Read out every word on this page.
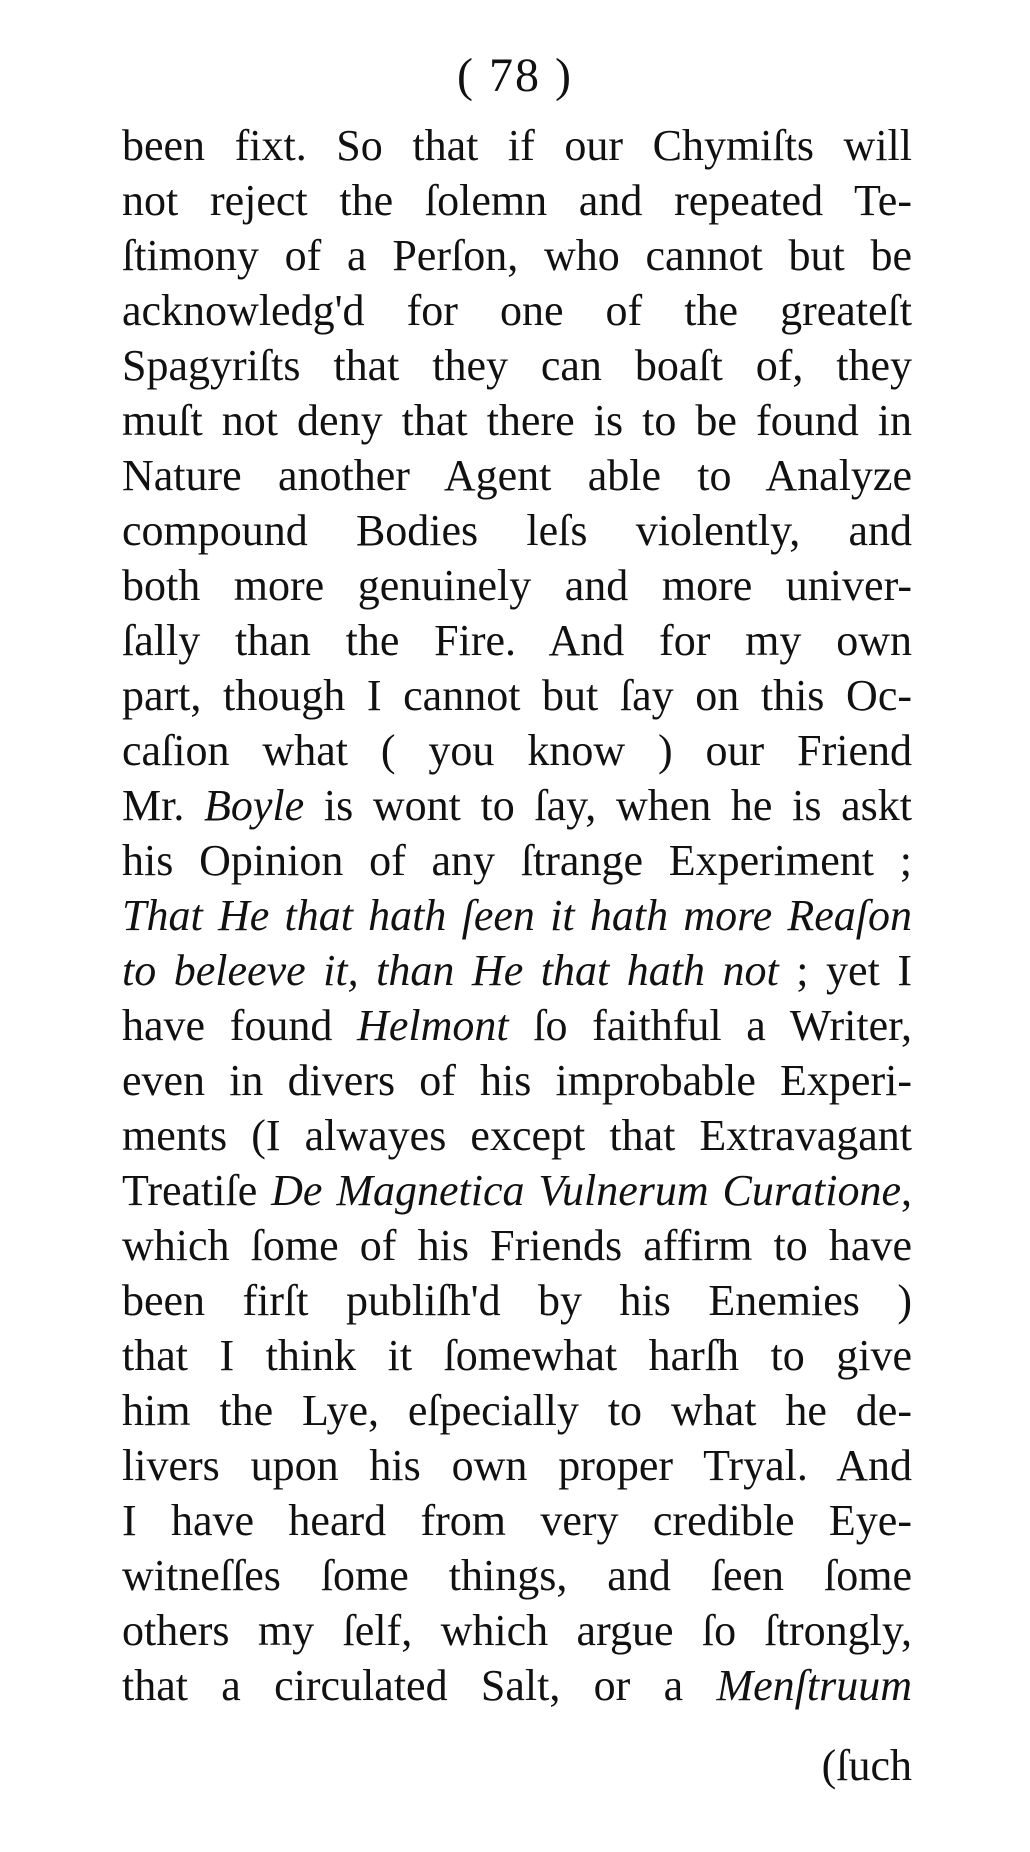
( 78 )
been fixt. So that if our Chymiſts will
not reject the ſolemn and repeated Te-
ſtimony of a Perſon, who cannot but be
acknowledg'd for one of the greateſt
Spagyriſts that they can boaſt of, they
muſt not deny that there is to be found in
Nature another Agent able to Analyze
compound Bodies leſs violently, and
both more genuinely and more univer-
ſally than the Fire. And for my own
part, though I cannot but ſay on this Oc-
caſion what ( you know ) our Friend
Mr. Boyle is wont to ſay, when he is askt
his Opinion of any ſtrange Experiment ;
That He that hath ſeen it hath more Reaſon
to beleeve it, than He that hath not ; yet I
have found Helmont ſo faithful a Writer,
even in divers of his improbable Experi-
ments (I alwayes except that Extravagant
Treatiſe De Magnetica Vulnerum Curatione,
which ſome of his Friends affirm to have
been firſt publiſh'd by his Enemies )
that I think it ſomewhat harſh to give
him the Lye, eſpecially to what he de-
livers upon his own proper Tryal. And
I have heard from very credible Eye-
witneſſes ſome things, and ſeen ſome
others my ſelf, which argue ſo ſtrongly,
that a circulated Salt, or a Menſtruum
(ſuch
